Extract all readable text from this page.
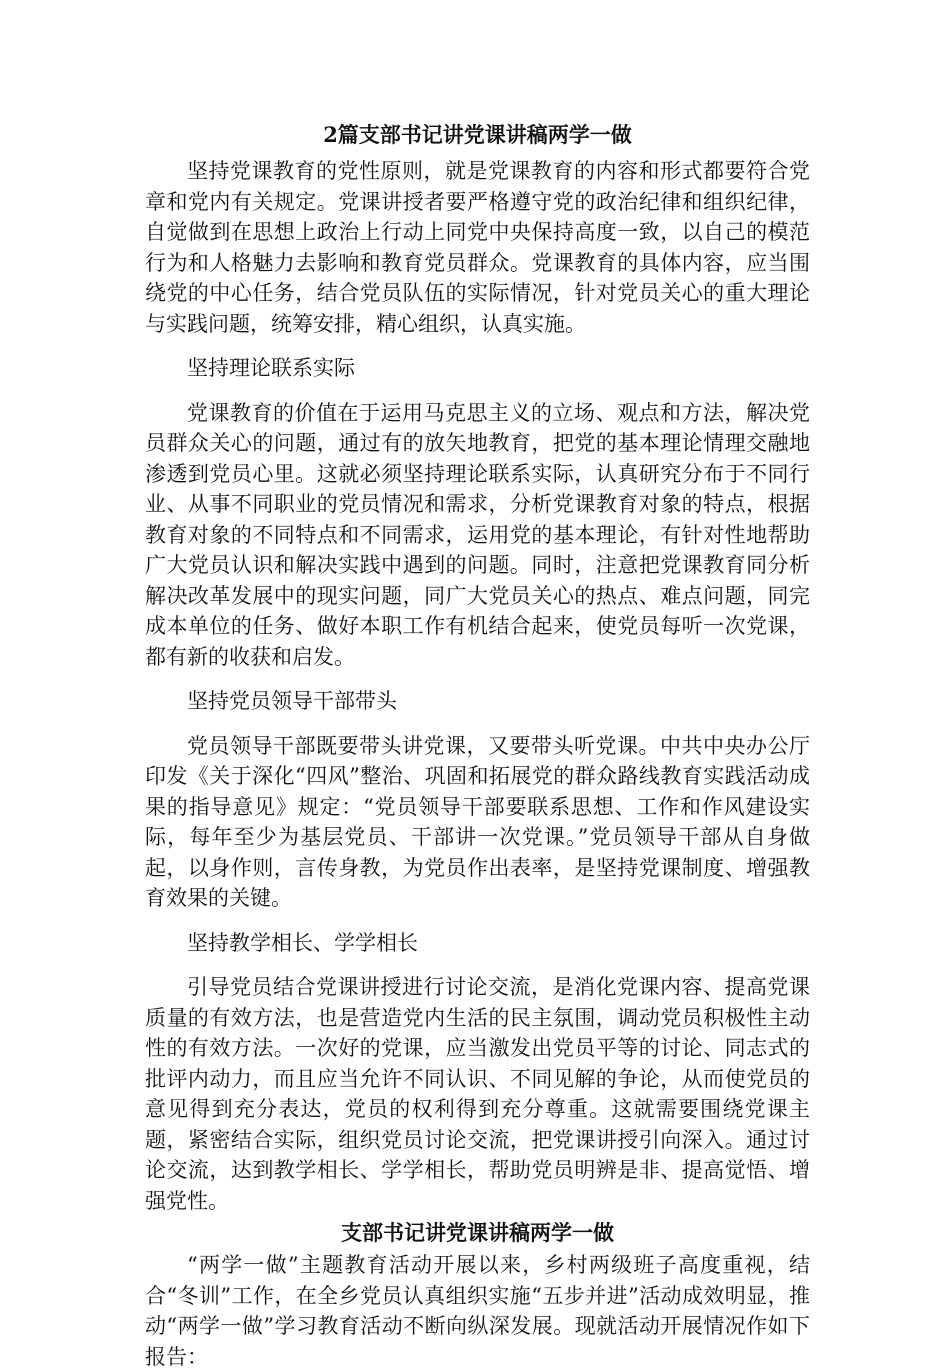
2篇支部书记讲党课讲稿两学一做

坚持党课教育的党性原则，就是党课教育的内容和形式都要符合党章和党内有关规定。党课讲授者要严格遵守党的政治纪律和组织纪律，自觉做到在思想上政治上行动上同党中央保持高度一致，以自己的模范行为和人格魅力去影响和教育党员群众。党课教育的具体内容，应当围绕党的中心任务，结合党员队伍的实际情况，针对党员关心的重大理论与实践问题，统筹安排，精心组织，认真实施。

坚持理论联系实际

党课教育的价值在于运用马克思主义的立场、观点和方法，解决党员群众关心的问题，通过有的放矢地教育，把党的基本理论情理交融地渗透到党员心里。这就必须坚持理论联系实际，认真研究分布于不同行业、从事不同职业的党员情况和需求，分析党课教育对象的特点，根据教育对象的不同特点和不同需求，运用党的基本理论，有针对性地帮助广大党员认识和解决实践中遇到的问题。同时，注意把党课教育同分析解决改革发展中的现实问题，同广大党员关心的热点、难点问题，同完成本单位的任务、做好本职工作有机结合起来，使党员每听一次党课，都有新的收获和启发。

坚持党员领导干部带头

党员领导干部既要带头讲党课，又要带头听党课。中共中央办公厅印发《关于深化“四风”整治、巩固和拓展党的群众路线教育实践活动成果的指导意见》规定：“党员领导干部要联系思想、工作和作风建设实际，每年至少为基层党员、干部讲一次党课。”党员领导干部从自身做起，以身作则，言传身教，为党员作出表率，是坚持党课制度、增强教育效果的关键。

坚持教学相长、学学相长

引导党员结合党课讲授进行讨论交流，是消化党课内容、提高党课质量的有效方法，也是营造党内生活的民主氛围，调动党员积极性主动性的有效方法。一次好的党课，应当激发出党员平等的讨论、同志式的批评内动力，而且应当允许不同认识、不同见解的争论，从而使党员的意见得到充分表达，党员的权利得到充分尊重。这就需要围绕党课主题，紧密结合实际，组织党员讨论交流，把党课讲授引向深入。通过讨论交流，达到教学相长、学学相长，帮助党员明辨是非、提高觉悟、增强党性。

支部书记讲党课讲稿两学一做

“两学一做”主题教育活动开展以来，乡村两级班子高度重视，结合“冬训”工作，在全乡党员认真组织实施“五步并进”活动成效明显，推动“两学一做”学习教育活动不断向纵深发展。现就活动开展情况作如下报告：
